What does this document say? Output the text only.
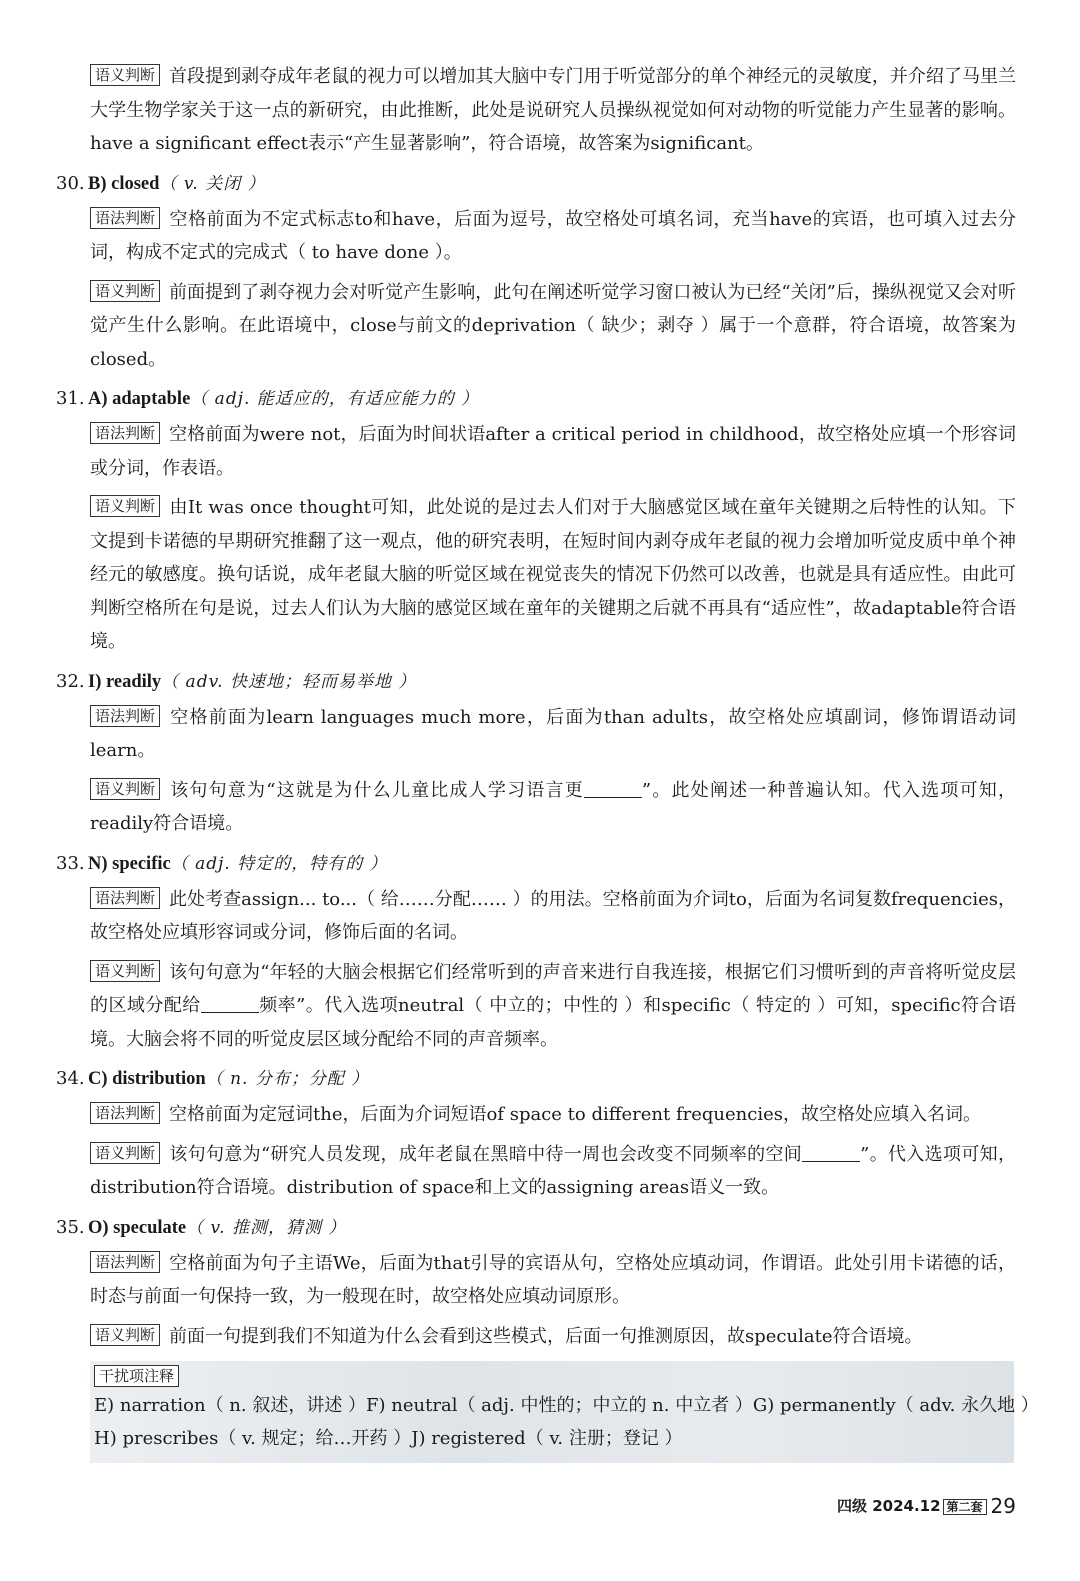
语义判断 首段提到剥夺成年老鼠的视力可以增加其大脑中专门用于听觉部分的单个神经元的灵敏度，并介绍了马里兰大学生物学家关于这一点的新研究，由此推断，此处是说研究人员操纵视觉如何对动物的听觉能力产生显著的影响。have a significant effect表示“产生显著影响”，符合语境，故答案为significant。

30. B) closed（ v. 关闭 ）

语法判断 空格前面为不定式标志to和have，后面为逗号，故空格处可填名词，充当have的宾语，也可填入过去分词，构成不定式的完成式（ to have done ）。

语义判断 前面提到了剥夺视力会对听觉产生影响，此句在阐述听觉学习窗口被认为已经“关闭”后，操纵视觉又会对听觉产生什么影响。在此语境中，close与前文的deprivation（ 缺少；剥夺 ）属于一个意群，符合语境，故答案为closed。

31. A) adaptable（ adj. 能适应的，有适应能力的 ）

语法判断 空格前面为were not，后面为时间状语after a critical period in childhood，故空格处应填一个形容词或分词，作表语。

语义判断 由It was once thought可知，此处说的是过去人们对于大脑感觉区域在童年关键期之后特性的认知。下文提到卡诺德的早期研究推翻了这一观点，他的研究表明，在短时间内剥夺成年老鼠的视力会增加听觉皮质中单个神经元的敏感度。换句话说，成年老鼠大脑的听觉区域在视觉丧失的情况下仍然可以改善，也就是具有适应性。由此可判断空格所在句是说，过去人们认为大脑的感觉区域在童年的关键期之后就不再具有“适应性”，故adaptable符合语境。

32. I) readily（ adv. 快速地；轻而易举地 ）

语法判断 空格前面为learn languages much more，后面为than adults，故空格处应填副词，修饰谓语动词learn。

语义判断 该句句意为“这就是为什么儿童比成人学习语言更	”。此处阐述一种普遍认知。代入选项可知，readily符合语境。

33. N) specific（ adj. 特定的，特有的 ）

语法判断 此处考查assign... to...（ 给……分配…… ）的用法。空格前面为介词to，后面为名词复数frequencies，故空格处应填形容词或分词，修饰后面的名词。

语义判断 该句句意为“年轻的大脑会根据它们经常听到的声音来进行自我连接，根据它们习惯听到的声音将听觉皮层的区域分配给	频率”。代入选项neutral（ 中立的；中性的 ）和specific（ 特定的 ）可知，specific符合语境。大脑会将不同的听觉皮层区域分配给不同的声音频率。

34. C) distribution（ n. 分布；分配 ）

语法判断 空格前面为定冠词the，后面为介词短语of space to different frequencies，故空格处应填入名词。

语义判断 该句句意为“研究人员发现，成年老鼠在黑暗中待一周也会改变不同频率的空间	”。代入选项可知，distribution符合语境。distribution of space和上文的assigning areas语义一致。

35. O) speculate（ v. 推测，猜测 ）

语法判断 空格前面为句子主语We，后面为that引导的宾语从句，空格处应填动词，作谓语。此处引用卡诺德的话，时态与前面一句保持一致，为一般现在时，故空格处应填动词原形。

语义判断 前面一句提到我们不知道为什么会看到这些模式，后面一句推测原因，故speculate符合语境。

干扰项注释
E) narration（ n. 叙述，讲述 ）F) neutral（ adj. 中性的；中立的 n. 中立者 ）G) permanently（ adv. 永久地 ）
H) prescribes（ v. 规定；给…开药 ）J) registered（ v. 注册；登记 ）
四级 2024.12 第二套 29
